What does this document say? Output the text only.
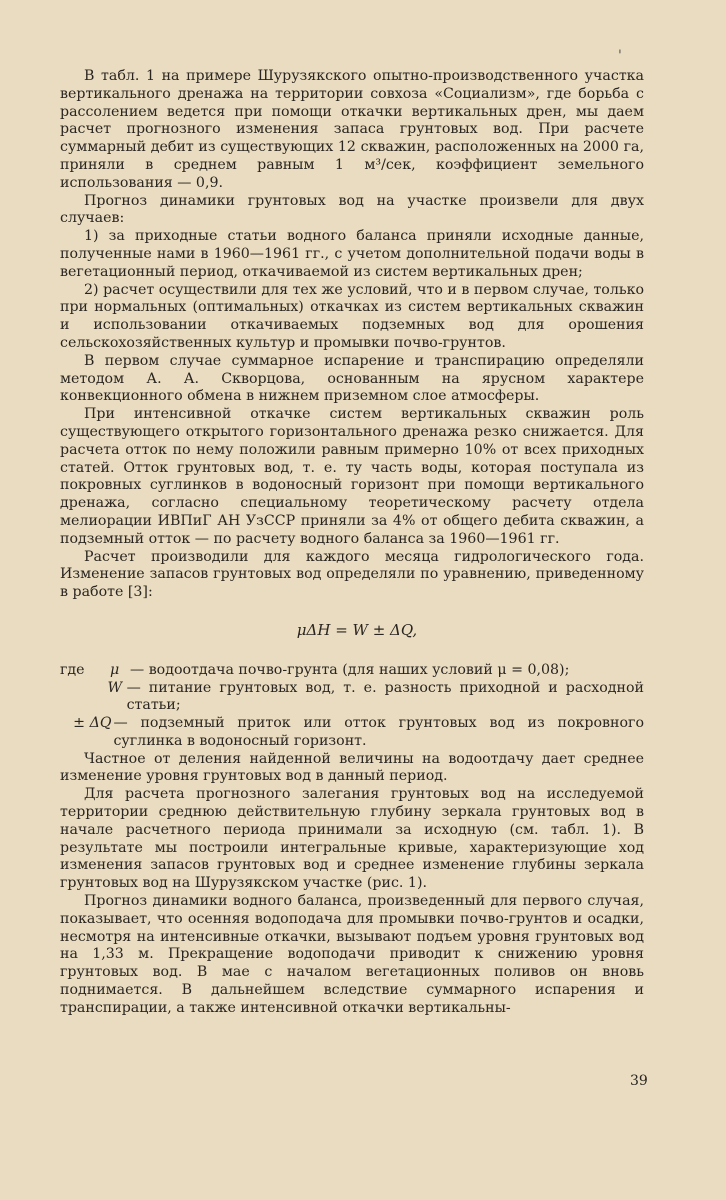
'

В табл. 1 на примере Шурузякского опытно-производственного участка вертикального дренажа на территории совхоза «Социализм», где борьба с рассолением ведется при помощи откачки вертикальных дрен, мы даем расчет прогнозного изменения запаса грунтовых вод. При расчете суммарный дебит из существующих 12 скважин, расположенных на 2000 га, приняли в среднем равным 1 м³/сек, коэффициент земельного использования — 0,9.

Прогноз динамики грунтовых вод на участке произвели для двух случаев:

1) за приходные статьи водного баланса приняли исходные данные, полученные нами в 1960—1961 гг., с учетом дополнительной подачи воды в вегетационный период, откачиваемой из систем вертикальных дрен;

2) расчет осуществили для тех же условий, что и в первом случае, только при нормальных (оптимальных) откачках из систем вертикальных скважин и использовании откачиваемых подземных вод для орошения сельскохозяйственных культур и промывки почво-грунтов.

В первом случае суммарное испарение и транспирацию определяли методом А. А. Скворцова, основанным на ярусном характере конвекционного обмена в нижнем приземном слое атмосферы.

При интенсивной откачке систем вертикальных скважин роль существующего открытого горизонтального дренажа резко снижается. Для расчета отток по нему положили равным примерно 10% от всех приходных статей. Отток грунтовых вод, т. е. ту часть воды, которая поступала из покровных суглинков в водоносный горизонт при помощи вертикального дренажа, согласно специальному теоретическому расчету отдела мелиорации ИВПиГ АН УзССР приняли за 4% от общего дебита скважин, а подземный отток — по расчету водного баланса за 1960—1961 гг.

Расчет производили для каждого месяца гидрологического года. Изменение запасов грунтовых вод определяли по уравнению, приведенному в работе [3]:

μΔH = W ± ΔQ,
где	μ — водоотдача почво-грунта (для наших условий μ = 0,08);
W — питание грунтовых вод, т. е. разность приходной и расходной статьи;
± ΔQ — подземный приток или отток грунтовых вод из покровного суглинка в водоносный горизонт.

Частное от деления найденной величины на водоотдачу дает среднее изменение уровня грунтовых вод в данный период.

Для расчета прогнозного залегания грунтовых вод на исследуемой территории среднюю действительную глубину зеркала грунтовых вод в начале расчетного периода принимали за исходную (см. табл. 1). В результате мы построили интегральные кривые, характеризующие ход изменения запасов грунтовых вод и среднее изменение глубины зеркала грунтовых вод на Шурузякском участке (рис. 1).

Прогноз динамики водного баланса, произведенный для первого случая, показывает, что осенняя водоподача для промывки почво-грунтов и осадки, несмотря на интенсивные откачки, вызывают подъем уровня грунтовых вод на 1,33 м. Прекращение водоподачи приводит к снижению уровня грунтовых вод. В мае с началом вегетационных поливов он вновь поднимается. В дальнейшем вследствие суммарного испарения и транспирации, а также интенсивной откачки вертикальны-

39
